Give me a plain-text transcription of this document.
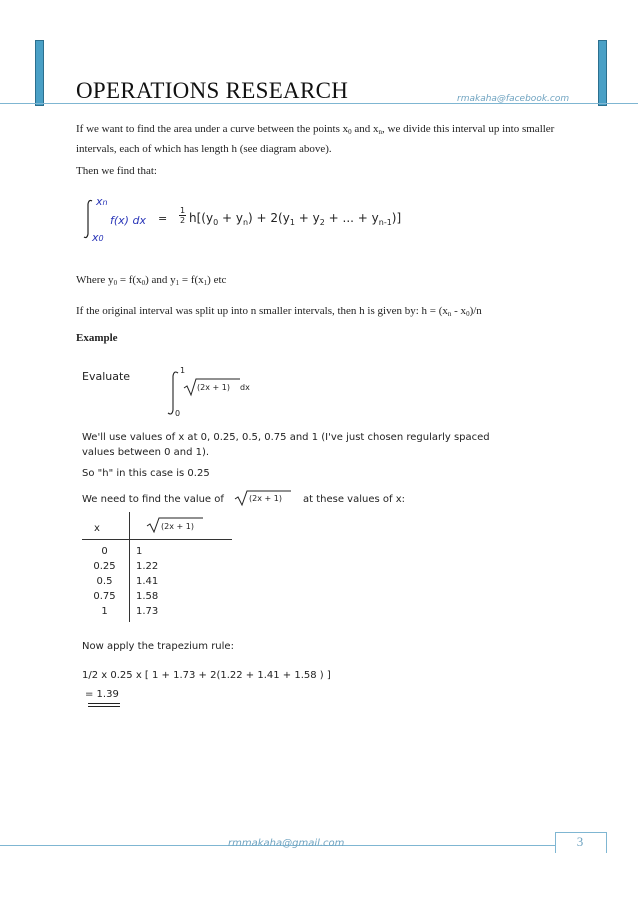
OPERATIONS RESEARCH	rmakaha@facebook.com
If we want to find the area under a curve between the points $x_0$ and $x_n$, we divide this interval up into smaller intervals, each of which has length h (see diagram above).
Then we find that:
xn
x0
f(x) dx =
1
2 $h[(y_0 + y_n) + 2(y_1 + y_2$ + ... + $y_{n-1}$)]
Where $y_0 = f(x_0)$ and $y_1 = f(x_1)$ etc
If the original interval was split up into n smaller intervals, then h is given by: $h = (x_n - x_0)/n$
Example
Evaluate	1
0
(2x + 1) dx
We'll use values of x at 0, 0.25, 0.5, 0.75 and 1 (I've just chosen regularly spaced
values between 0 and 1).
So "h" in this case is 0.25
We need to find the value of	(2x + 1) at these values of x:
x	(2x + 1)
0	1
0.25	1.22
0.5	1.41
0.75	1.58
1	1.73
Now apply the trapezium rule:
1/2 x 0.25 x [ 1 + 1.73 + 2(1.22 + 1.41 + 1.58 ) ]
= 1.39
rmmakaha@gmail.com	3
